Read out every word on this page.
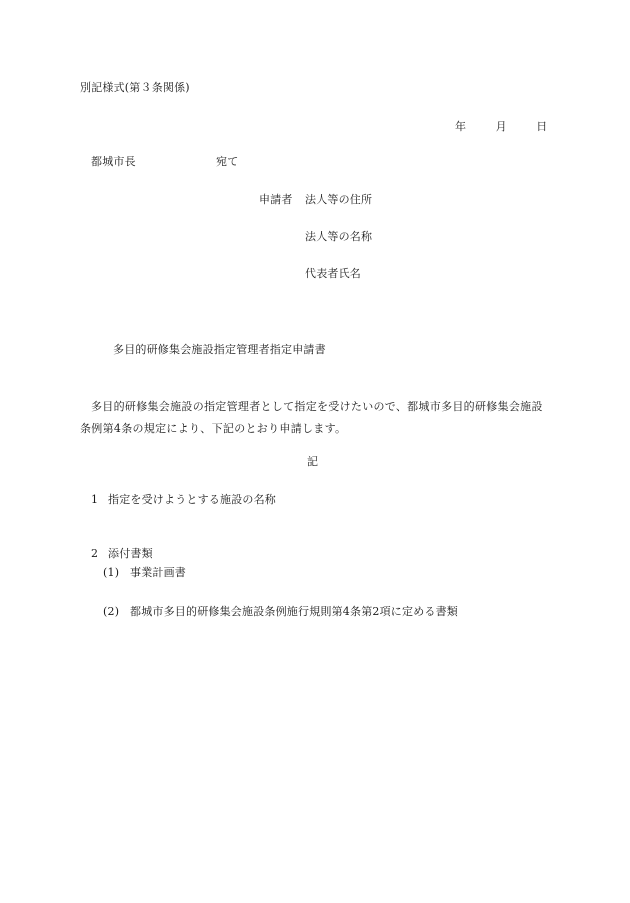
別記様式(第３条関係)
年	月	日
都城市長	宛て
申請者 法人等の住所
法人等の名称
代表者氏名
多目的研修集会施設指定管理者指定申請書
多目的研修集会施設の指定管理者として指定を受けたいので、都城市多目的研修集会施設条例第4条の規定により、下記のとおり申請します。
記
1 指定を受けようとする施設の名称
2 添付書類
(1) 事業計画書
(2) 都城市多目的研修集会施設条例施行規則第4条第2項に定める書類
